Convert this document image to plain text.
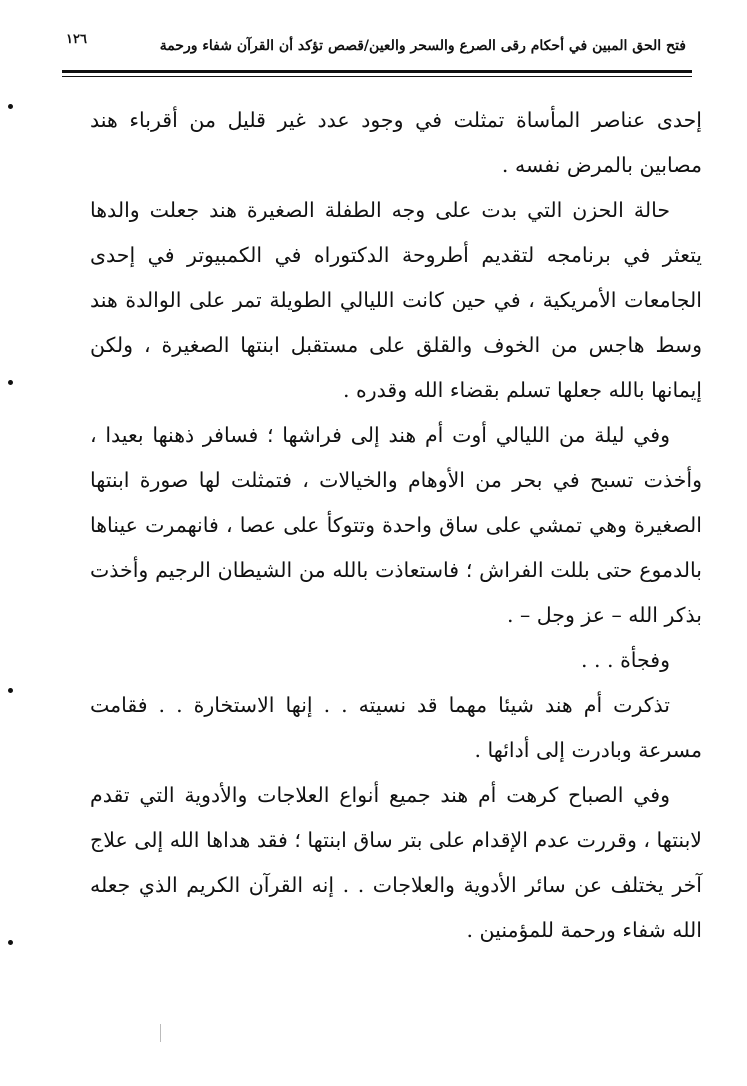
فتح الحق المبين في أحكام رقى الصرع والسحر والعين/قصص تؤكد أن القرآن شفاء ورحمة
١٢٦

إحدى عناصر المأساة تمثلت في وجود عدد غير قليل من أقرباء هند مصابين بالمرض نفسه .

حالة الحزن التي بدت على وجه الطفلة الصغيرة هند جعلت والدها يتعثر في برنامجه لتقديم أطروحة الدكتوراه في الكمبيوتر في إحدى الجامعات الأمريكية ، في حين كانت الليالي الطويلة تمر على الوالدة هند وسط هاجس من الخوف والقلق على مستقبل ابنتها الصغيرة ، ولكن إيمانها بالله جعلها تسلم بقضاء الله وقدره .

وفي ليلة من الليالي أوت أم هند إلى فراشها ؛ فسافر ذهنها بعيدا ، وأخذت تسبح في بحر من الأوهام والخيالات ، فتمثلت لها صورة ابنتها الصغيرة وهي تمشي على ساق واحدة وتتوكأ على عصا ، فانهمرت عيناها بالدموع حتى بللت الفراش ؛ فاستعاذت بالله من الشيطان الرجيم وأخذت بذكر الله – عز وجل – .

وفجأة . . .

تذكرت أم هند شيئا مهما قد نسيته . . إنها الاستخارة . . فقامت مسرعة وبادرت إلى أدائها .

وفي الصباح كرهت أم هند جميع أنواع العلاجات والأدوية التي تقدم لابنتها ، وقررت عدم الإقدام على بتر ساق ابنتها ؛ فقد هداها الله إلى علاج آخر يختلف عن سائر الأدوية والعلاجات . . إنه القرآن الكريم الذي جعله الله شفاء ورحمة للمؤمنين .
